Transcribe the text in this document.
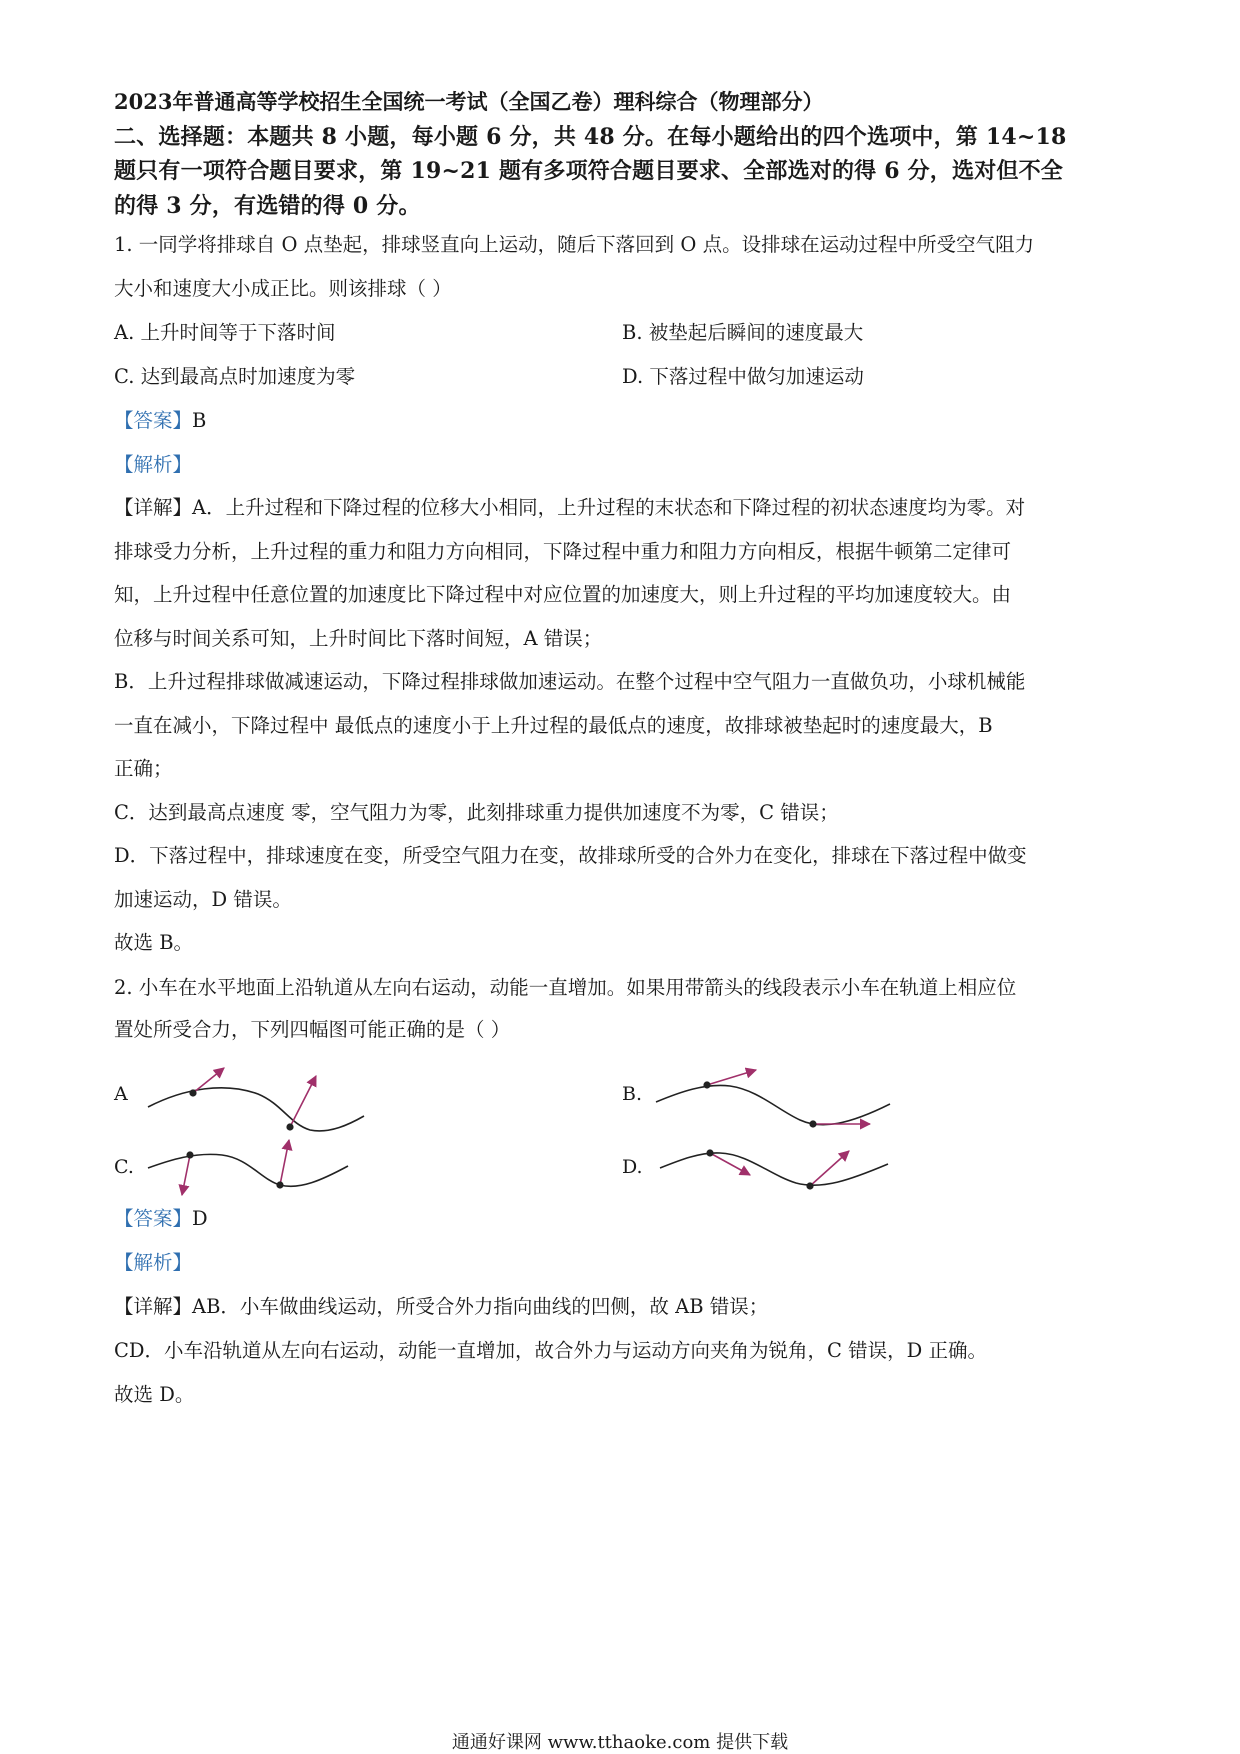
2023年普通高等学校招生全国统一考试（全国乙卷）理科综合（物理部分）
二、选择题：本题共 8 小题，每小题 6 分，共 48 分。在每小题给出的四个选项中，第 14~18
题只有一项符合题目要求，第 19~21 题有多项符合题目要求、全部选对的得 6 分，选对但不全
的得 3 分，有选错的得 0 分。
1. 一同学将排球自 O 点垫起，排球竖直向上运动，随后下落回到 O 点。设排球在运动过程中所受空气阻力
大小和速度大小成正比。则该排球（ ）
A. 上升时间等于下落时间	B. 被垫起后瞬间的速度最大
C. 达到最高点时加速度为零	D. 下落过程中做匀加速运动
【答案】B
【解析】
【详解】A．上升过程和下降过程的位移大小相同，上升过程的末状态和下降过程的初状态速度均为零。对
排球受力分析，上升过程的重力和阻力方向相同，下降过程中重力和阻力方向相反，根据牛顿第二定律可
知，上升过程中任意位置的加速度比下降过程中对应位置的加速度大，则上升过程的平均加速度较大。由
位移与时间关系可知，上升时间比下落时间短，A 错误；
B．上升过程排球做减速运动，下降过程排球做加速运动。在整个过程中空气阻力一直做负功，小球机械能
一直在减小，下降过程中 最低点的速度小于上升过程的最低点的速度，故排球被垫起时的速度最大，B
正确；
C．达到最高点速度 零，空气阻力为零，此刻排球重力提供加速度不为零，C 错误；
D．下落过程中，排球速度在变，所受空气阻力在变，故排球所受的合外力在变化，排球在下落过程中做变
加速运动，D 错误。
故选 B。
2. 小车在水平地面上沿轨道从左向右运动，动能一直增加。如果用带箭头的线段表示小车在轨道上相应位
置处所受合力，下列四幅图可能正确的是（ ）
A	B.
C.	D.
【答案】D
【解析】
【详解】AB．小车做曲线运动，所受合外力指向曲线的凹侧，故 AB 错误；
CD．小车沿轨道从左向右运动，动能一直增加，故合外力与运动方向夹角为锐角，C 错误，D 正确。
故选 D。
通通好课网 www.tthaoke.com 提供下载
